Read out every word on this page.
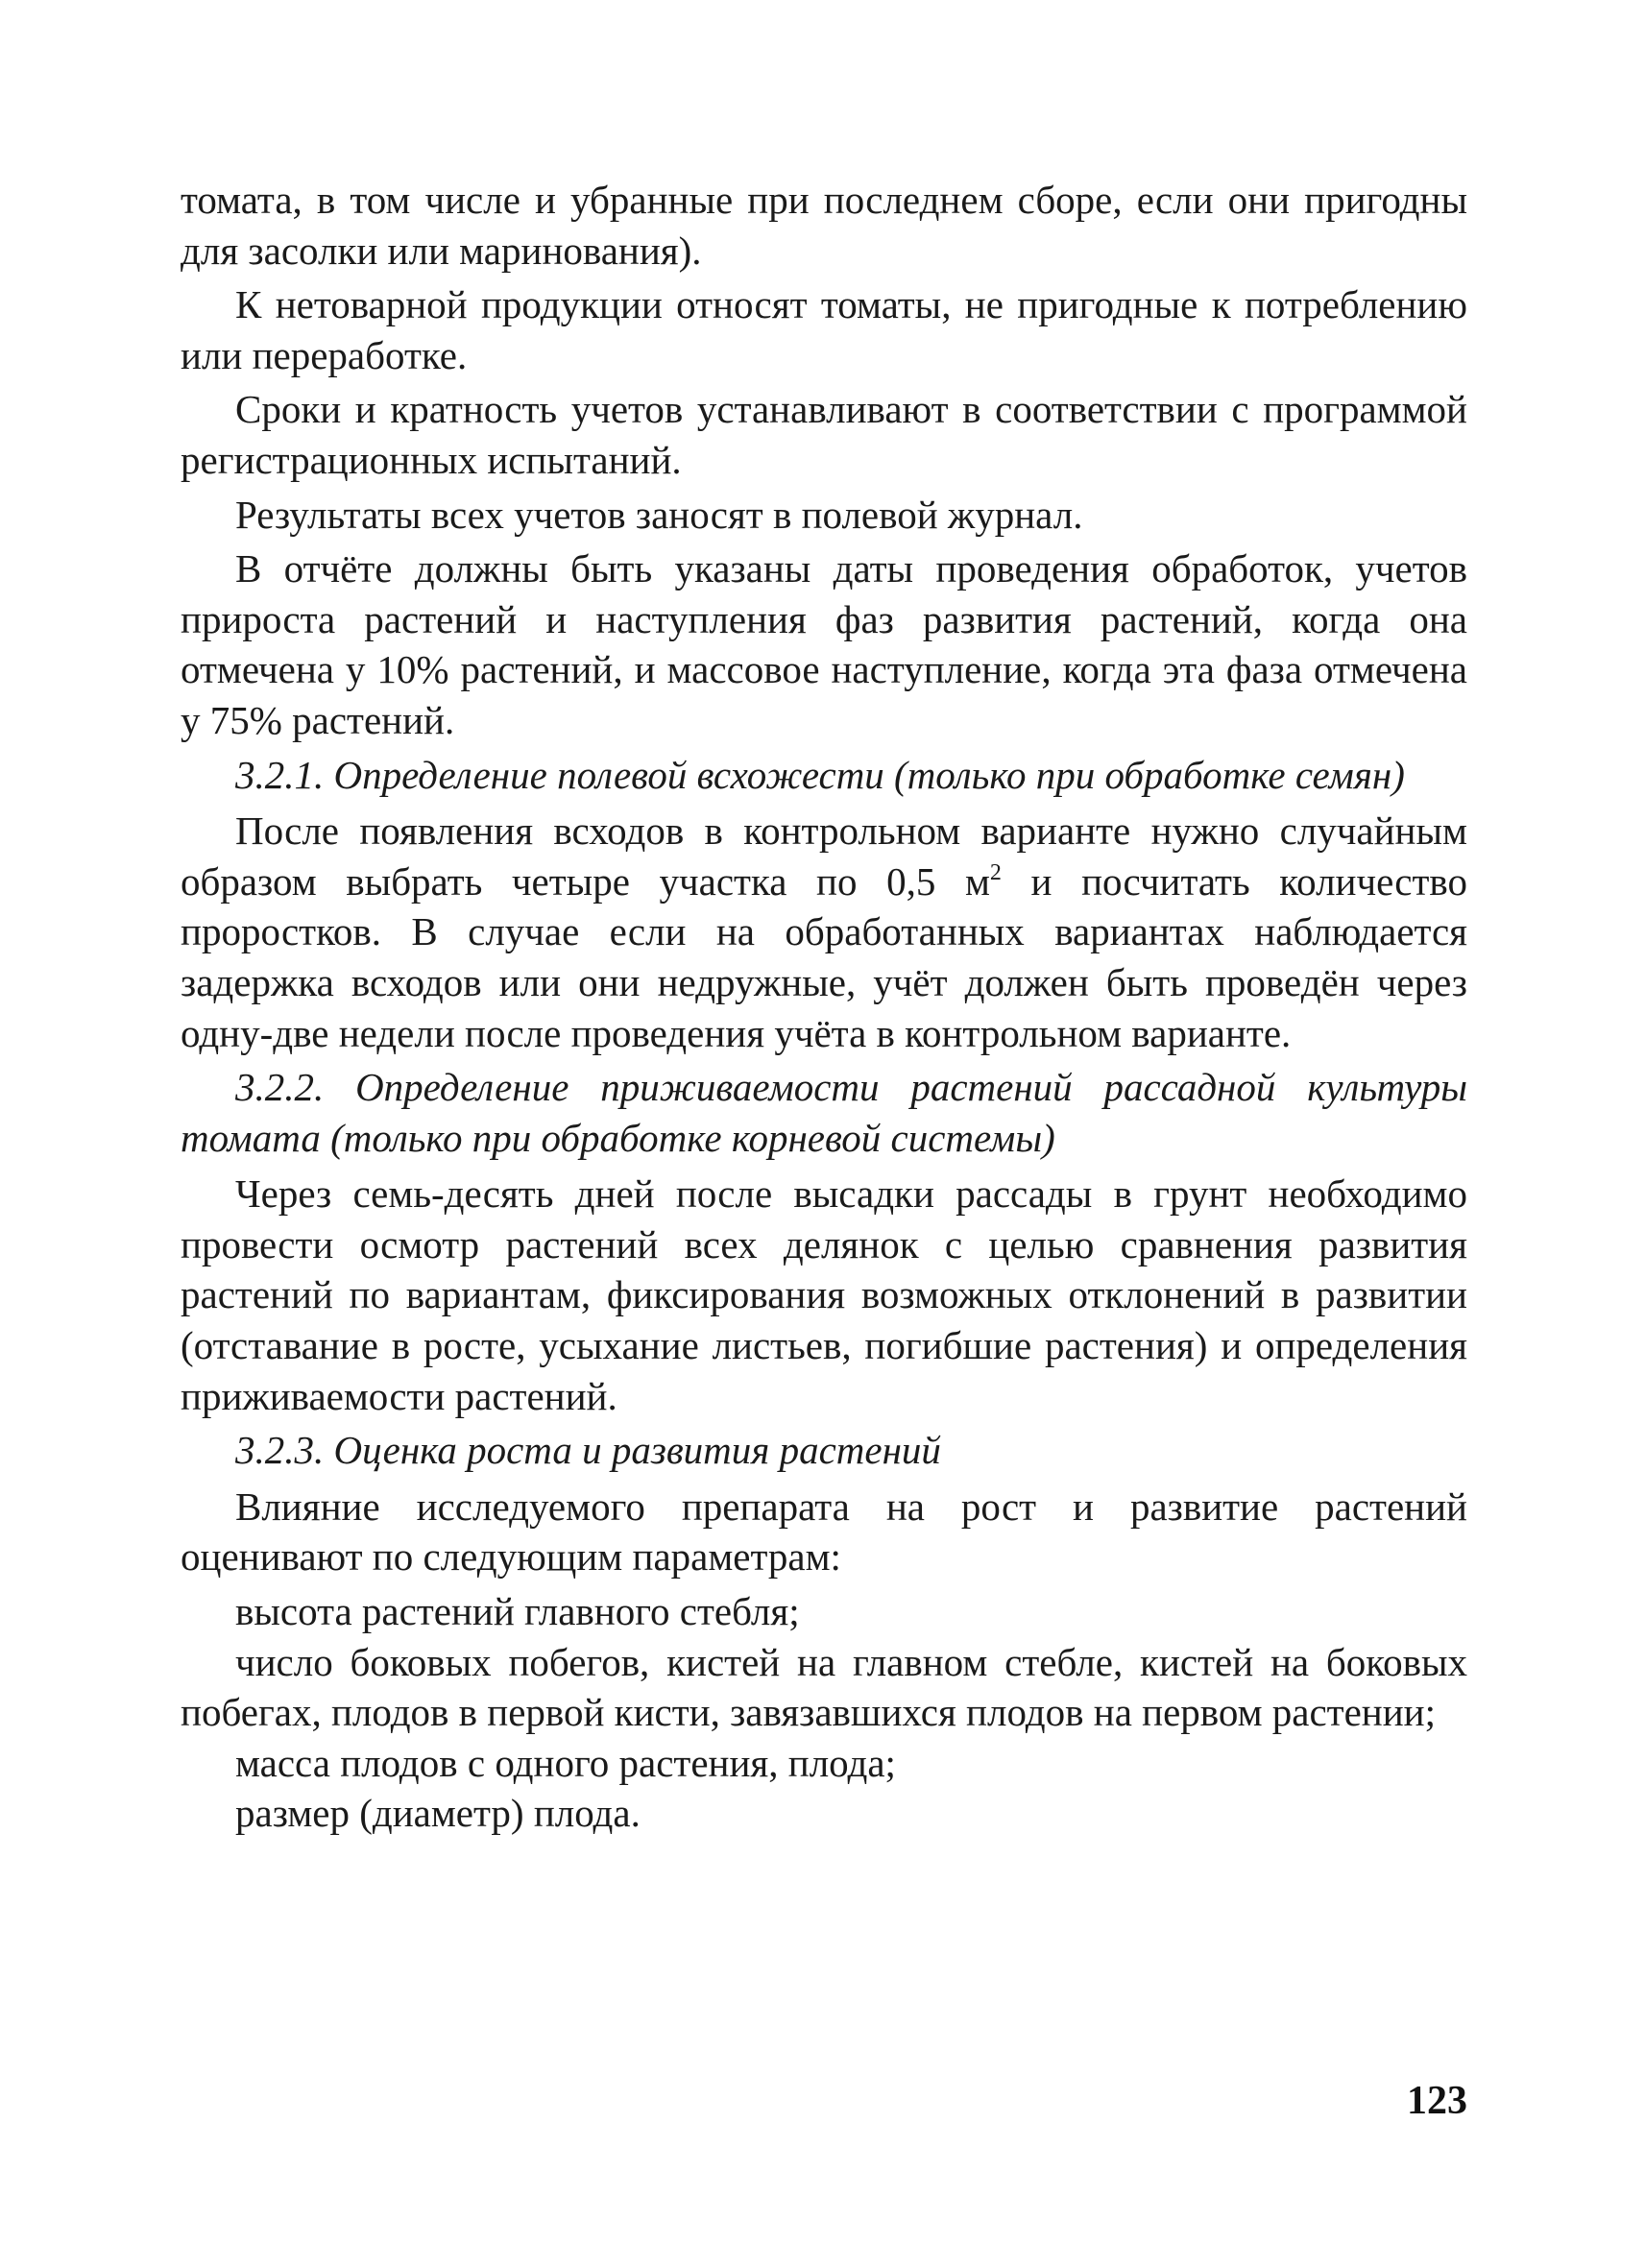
томата, в том числе и убранные при последнем сборе, если они пригодны для засолки или маринования).

К нетоварной продукции относят томаты, не пригодные к потреблению или переработке.

Сроки и кратность учетов устанавливают в соответствии с программой регистрационных испытаний.

Результаты всех учетов заносят в полевой журнал.

В отчёте должны быть указаны даты проведения обработок, учетов прироста растений и наступления фаз развития растений, когда она отмечена у 10% растений, и массовое наступление, когда эта фаза отмечена у 75% растений.

3.2.1. Определение полевой всхожести (только при обработке семян)

После появления всходов в контрольном варианте нужно случайным образом выбрать четыре участка по 0,5 $м^2$ и посчитать количество проростков. В случае если на обработанных вариантах наблюдается задержка всходов или они недружные, учёт должен быть проведён через одну-две недели после проведения учёта в контрольном варианте.

3.2.2. Определение приживаемости растений рассадной культуры томата (только при обработке корневой системы)

Через семь-десять дней после высадки рассады в грунт необходимо провести осмотр растений всех делянок с целью сравнения развития растений по вариантам, фиксирования возможных отклонений в развитии (отставание в росте, усыхание листьев, погибшие растения) и определения приживаемости растений.

3.2.3. Оценка роста и развития растений

Влияние исследуемого препарата на рост и развитие растений оценивают по следующим параметрам:

высота растений главного стебля;

число боковых побегов, кистей на главном стебле, кистей на боковых побегах, плодов в первой кисти, завязавшихся плодов на первом растении;

масса плодов с одного растения, плода;

размер (диаметр) плода.

123
